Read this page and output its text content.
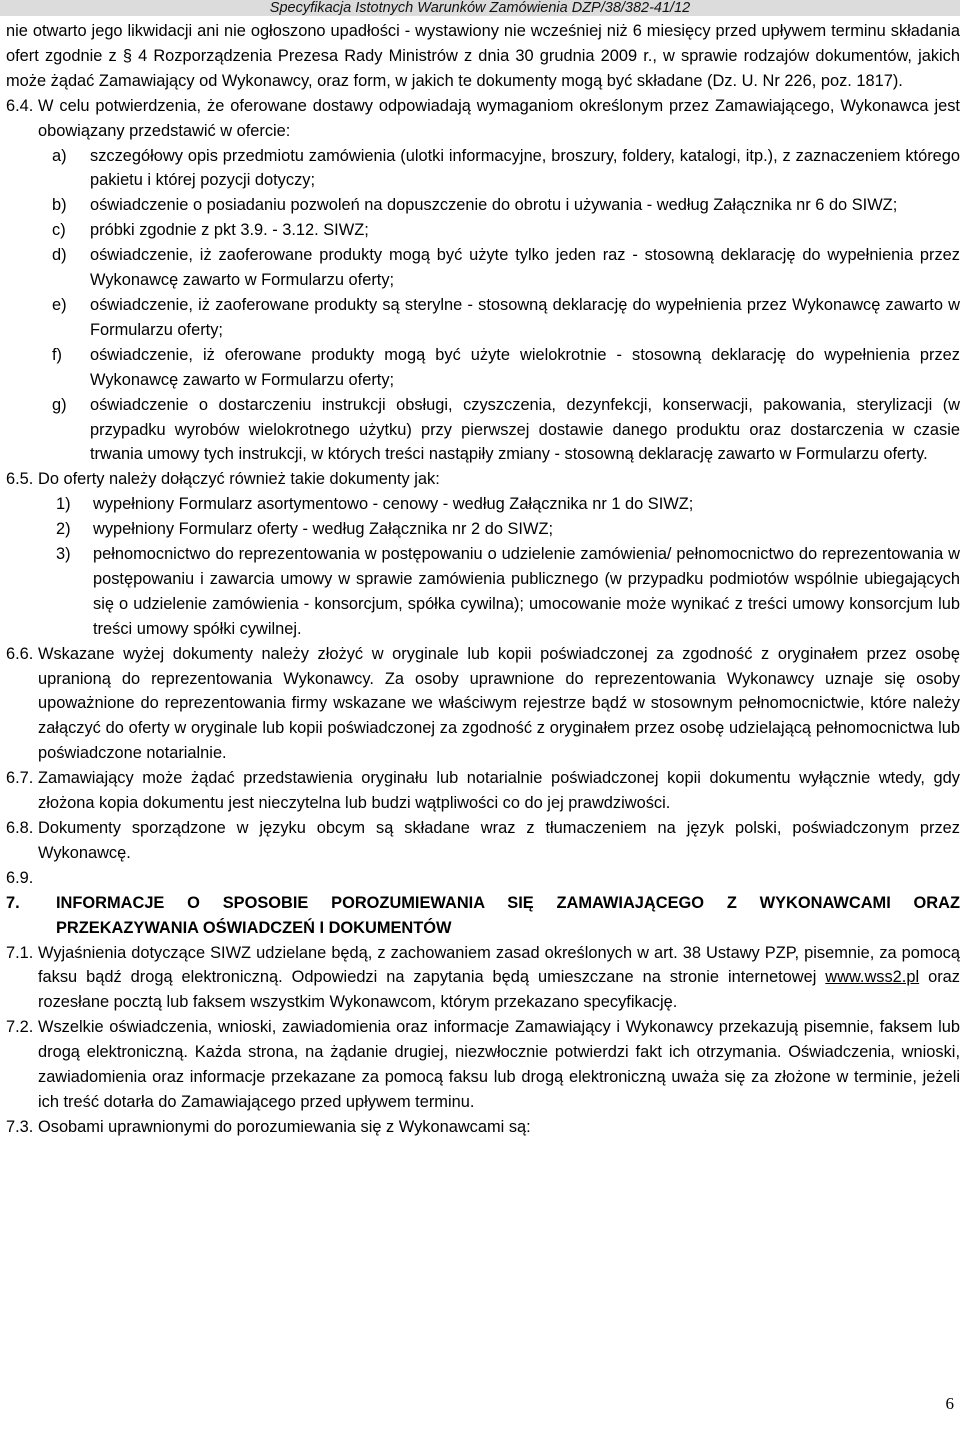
Specyfikacja Istotnych Warunków Zamówienia DZP/38/382-41/12

nie otwarto jego likwidacji ani nie ogłoszono upadłości - wystawiony nie wcześniej niż 6 miesięcy przed upływem terminu składania ofert zgodnie z § 4 Rozporządzenia Prezesa Rady Ministrów z dnia 30 grudnia 2009 r., w sprawie rodzajów dokumentów, jakich może żądać Zamawiający od Wykonawcy, oraz form, w jakich te dokumenty mogą być składane (Dz. U. Nr 226, poz. 1817).

6.4. W celu potwierdzenia, że oferowane dostawy odpowiadają wymaganiom określonym przez Zamawiającego, Wykonawca jest obowiązany przedstawić w ofercie:
a) szczegółowy opis przedmiotu zamówienia (ulotki informacyjne, broszury, foldery, katalogi, itp.), z zaznaczeniem którego pakietu i której pozycji dotyczy;
b) oświadczenie o posiadaniu pozwoleń na dopuszczenie do obrotu i używania - według Załącznika nr 6 do SIWZ;
c) próbki zgodnie z pkt 3.9. - 3.12. SIWZ;
d) oświadczenie, iż zaoferowane produkty mogą być użyte tylko jeden raz - stosowną deklarację do wypełnienia przez Wykonawcę zawarto w Formularzu oferty;
e) oświadczenie, iż zaoferowane produkty są sterylne - stosowną deklarację do wypełnienia przez Wykonawcę zawarto w Formularzu oferty;
f) oświadczenie, iż oferowane produkty mogą być użyte wielokrotnie - stosowną deklarację do wypełnienia przez Wykonawcę zawarto w Formularzu oferty;
g) oświadczenie o dostarczeniu instrukcji obsługi, czyszczenia, dezynfekcji, konserwacji, pakowania, sterylizacji (w przypadku wyrobów wielokrotnego użytku) przy pierwszej dostawie danego produktu oraz dostarczenia w czasie trwania umowy tych instrukcji, w których treści nastąpiły zmiany - stosowną deklarację zawarto w Formularzu oferty.
6.5. Do oferty należy dołączyć również takie dokumenty jak:
1) wypełniony Formularz asortymentowo - cenowy - według Załącznika nr 1 do SIWZ;
2) wypełniony Formularz oferty - według Załącznika nr 2 do SIWZ;
3) pełnomocnictwo do reprezentowania w postępowaniu o udzielenie zamówienia/ pełnomocnictwo do reprezentowania w postępowaniu i zawarcia umowy w sprawie zamówienia publicznego (w przypadku podmiotów wspólnie ubiegających się o udzielenie zamówienia - konsorcjum, spółka cywilna); umocowanie może wynikać z treści umowy konsorcjum lub treści umowy spółki cywilnej.
6.6. Wskazane wyżej dokumenty należy złożyć w oryginale lub kopii poświadczonej za zgodność z oryginałem przez osobę upranioną do reprezentowania Wykonawcy. Za osoby uprawnione do reprezentowania Wykonawcy uznaje się osoby upoważnione do reprezentowania firmy wskazane we właściwym rejestrze bądź w stosownym pełnomocnictwie, które należy załączyć do oferty w oryginale lub kopii poświadczonej za zgodność z oryginałem przez osobę udzielającą pełnomocnictwa lub poświadczone notarialnie.
6.7. Zamawiający może żądać przedstawienia oryginału lub notarialnie poświadczonej kopii dokumentu wyłącznie wtedy, gdy złożona kopia dokumentu jest nieczytelna lub budzi wątpliwości co do jej prawdziwości.
6.8. Dokumenty sporządzone w języku obcym są składane wraz z tłumaczeniem na język polski, poświadczonym przez Wykonawcę.
6.9.
7. INFORMACJE O SPOSOBIE POROZUMIEWANIA SIĘ ZAMAWIAJĄCEGO Z WYKONAWCAMI ORAZ PRZEKAZYWANIA OŚWIADCZEŃ I DOKUMENTÓW
7.1. Wyjaśnienia dotyczące SIWZ udzielane będą, z zachowaniem zasad określonych w art. 38 Ustawy PZP, pisemnie, za pomocą faksu bądź drogą elektroniczną. Odpowiedzi na zapytania będą umieszczane na stronie internetowej www.wss2.pl oraz rozesłane pocztą lub faksem wszystkim Wykonawcom, którym przekazano specyfikację.
7.2. Wszelkie oświadczenia, wnioski, zawiadomienia oraz informacje Zamawiający i Wykonawcy przekazują pisemnie, faksem lub drogą elektroniczną. Każda strona, na żądanie drugiej, niezwłocznie potwierdzi fakt ich otrzymania. Oświadczenia, wnioski, zawiadomienia oraz informacje przekazane za pomocą faksu lub drogą elektroniczną uważa się za złożone w terminie, jeżeli ich treść dotarła do Zamawiającego przed upływem terminu.
7.3. Osobami uprawnionymi do porozumiewania się z Wykonawcami są:
6
